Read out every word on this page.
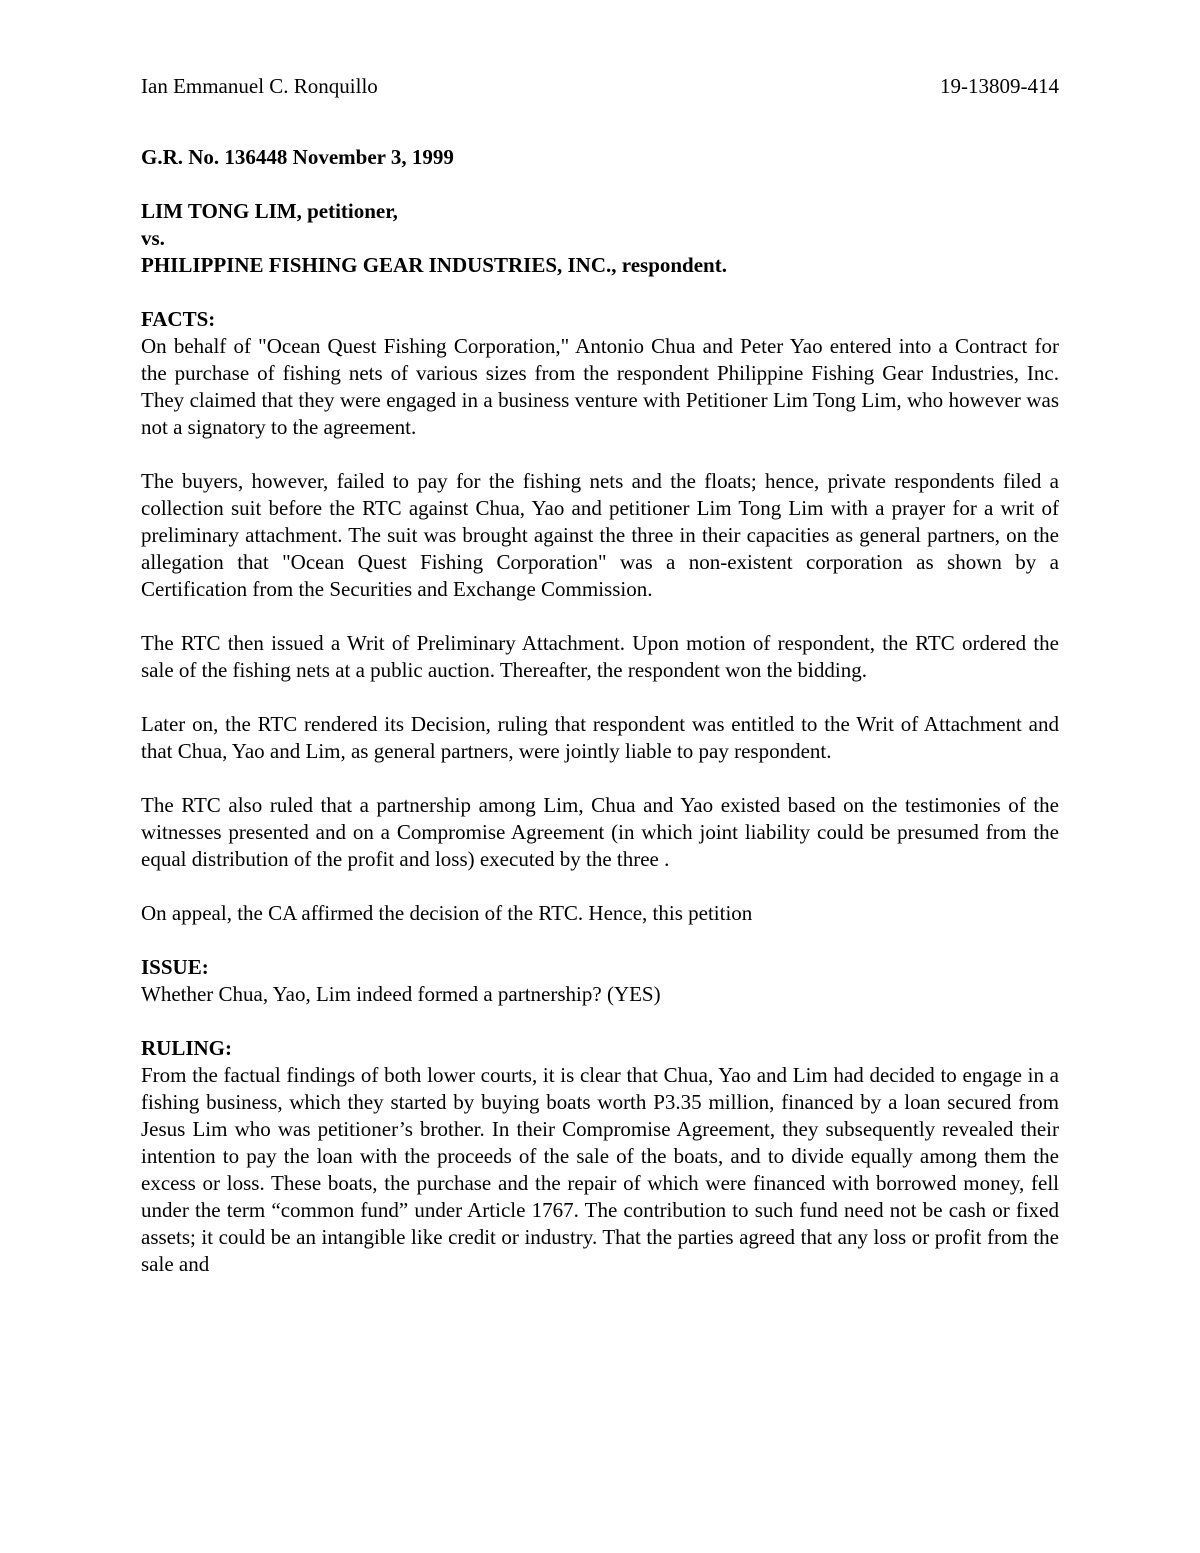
Ian Emmanuel C. Ronquillo	19-13809-414

G.R. No. 136448 November 3, 1999

LIM TONG LIM, petitioner,

vs.

PHILIPPINE FISHING GEAR INDUSTRIES, INC., respondent.

FACTS:

On behalf of "Ocean Quest Fishing Corporation," Antonio Chua and Peter Yao entered into a Contract for the purchase of fishing nets of various sizes from the respondent Philippine Fishing Gear Industries, Inc. They claimed that they were engaged in a business venture with Petitioner Lim Tong Lim, who however was not a signatory to the agreement.

The buyers, however, failed to pay for the fishing nets and the floats; hence, private respondents filed a collection suit before the RTC against Chua, Yao and petitioner Lim Tong Lim with a prayer for a writ of preliminary attachment. The suit was brought against the three in their capacities as general partners, on the allegation that "Ocean Quest Fishing Corporation" was a non-existent corporation as shown by a Certification from the Securities and Exchange Commission.

The RTC then issued a Writ of Preliminary Attachment. Upon motion of respondent, the RTC ordered the sale of the fishing nets at a public auction. Thereafter, the respondent won the bidding.

Later on, the RTC rendered its Decision, ruling that respondent was entitled to the Writ of Attachment and that Chua, Yao and Lim, as general partners, were jointly liable to pay respondent.

The RTC also ruled that a partnership among Lim, Chua and Yao existed based on the testimonies of the witnesses presented and on a Compromise Agreement (in which joint liability could be presumed from the equal distribution of the profit and loss) executed by the three .

On appeal, the CA affirmed the decision of the RTC. Hence, this petition

ISSUE:

Whether Chua, Yao, Lim indeed formed a partnership? (YES)

RULING:

From the factual findings of both lower courts, it is clear that Chua, Yao and Lim had decided to engage in a fishing business, which they started by buying boats worth P3.35 million, financed by a loan secured from Jesus Lim who was petitioner’s brother. In their Compromise Agreement, they subsequently revealed their intention to pay the loan with the proceeds of the sale of the boats, and to divide equally among them the excess or loss. These boats, the purchase and the repair of which were financed with borrowed money, fell under the term “common fund” under Article 1767. The contribution to such fund need not be cash or fixed assets; it could be an intangible like credit or industry. That the parties agreed that any loss or profit from the sale and
